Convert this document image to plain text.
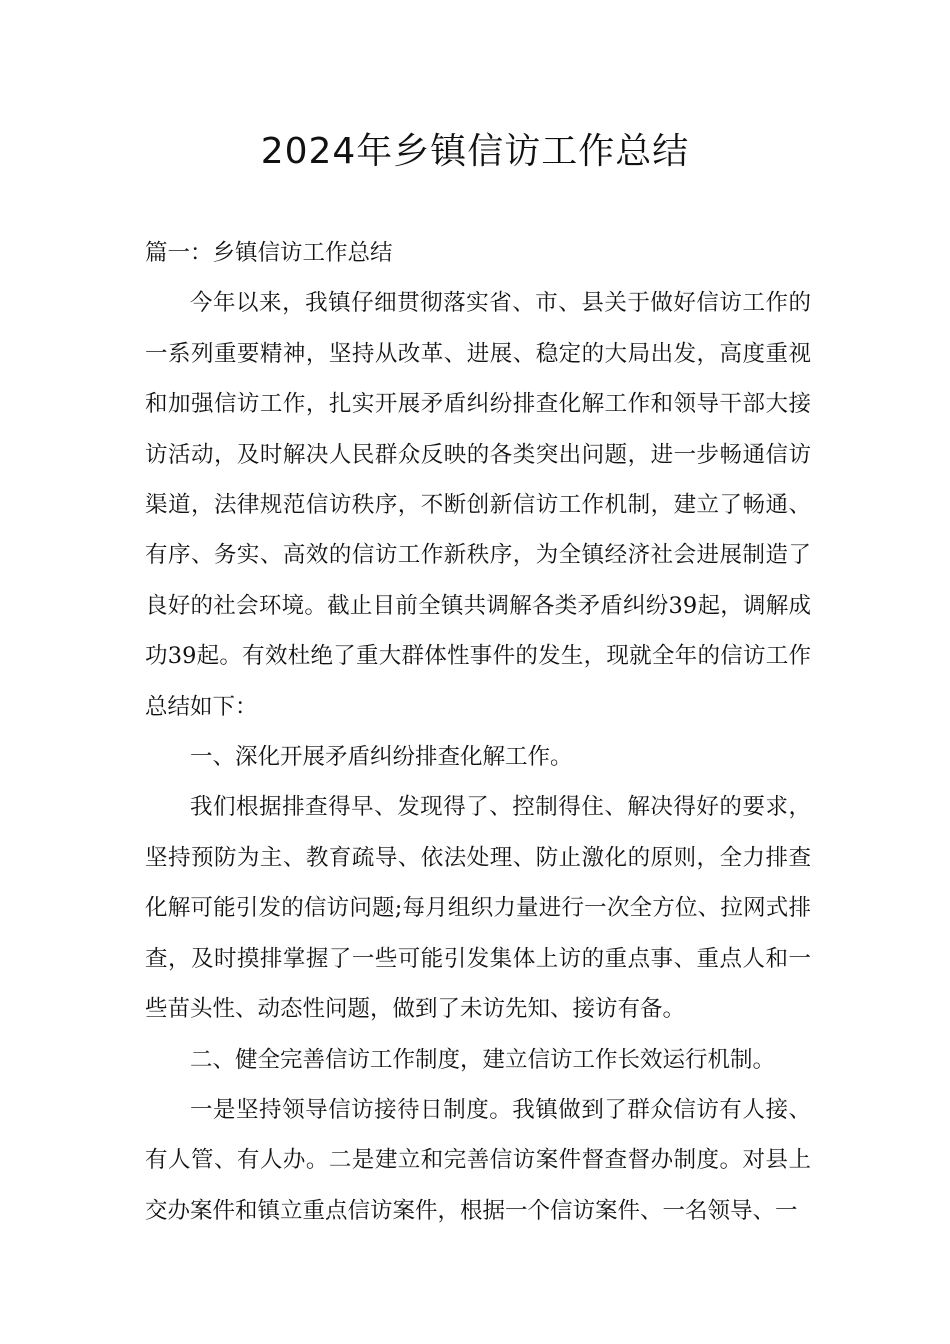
2024年乡镇信访工作总结

篇一：乡镇信访工作总结

今年以来，我镇仔细贯彻落实省、市、县关于做好信访工作的一系列重要精神，坚持从改革、进展、稳定的大局出发，高度重视和加强信访工作，扎实开展矛盾纠纷排查化解工作和领导干部大接访活动，及时解决人民群众反映的各类突出问题，进一步畅通信访渠道，法律规范信访秩序，不断创新信访工作机制，建立了畅通、有序、务实、高效的信访工作新秩序，为全镇经济社会进展制造了良好的社会环境。截止目前全镇共调解各类矛盾纠纷39起，调解成功39起。有效杜绝了重大群体性事件的发生，现就全年的信访工作总结如下：

一、深化开展矛盾纠纷排查化解工作。

我们根据排查得早、发现得了、控制得住、解决得好的要求，坚持预防为主、教育疏导、依法处理、防止激化的原则，全力排查化解可能引发的信访问题;每月组织力量进行一次全方位、拉网式排查，及时摸排掌握了一些可能引发集体上访的重点事、重点人和一些苗头性、动态性问题，做到了未访先知、接访有备。

二、健全完善信访工作制度，建立信访工作长效运行机制。

一是坚持领导信访接待日制度。我镇做到了群众信访有人接、有人管、有人办。二是建立和完善信访案件督查督办制度。对县上交办案件和镇立重点信访案件，根据一个信访案件、一名领导、一
